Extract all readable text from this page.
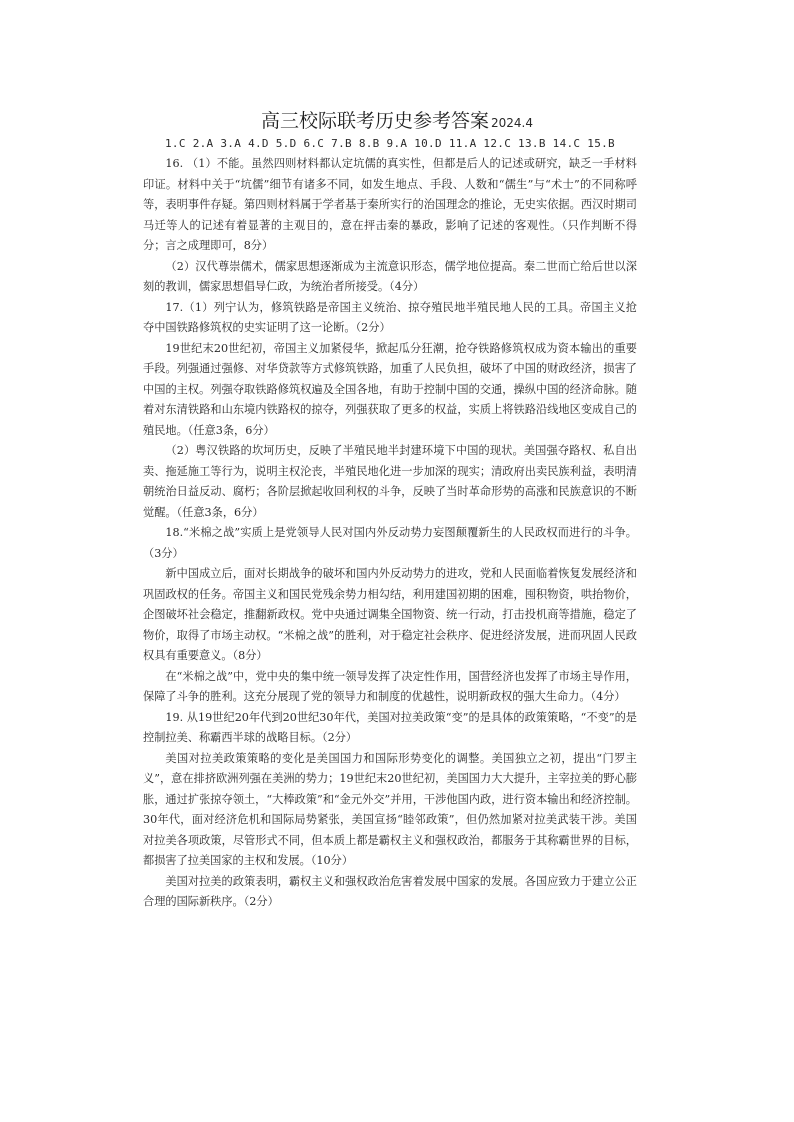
高三校际联考历史参考答案 2024.4
1.C 2.A 3.A 4.D 5.D 6.C 7.B 8.B 9.A 10.D 11.A 12.C 13.B 14.C 15.B

16. （1）不能。虽然四则材料都认定坑儒的真实性，但都是后人的记述或研究，缺乏一手材料印证。材料中关于“坑儒”细节有诸多不同，如发生地点、手段、人数和“儒生”与“术士”的不同称呼等，表明事件存疑。第四则材料属于学者基于秦所实行的治国理念的推论，无史实依据。西汉时期司马迁等人的记述有着显著的主观目的，意在抨击秦的暴政，影响了记述的客观性。（只作判断不得分；言之成理即可，8分）

（2）汉代尊崇儒术，儒家思想逐渐成为主流意识形态，儒学地位提高。秦二世而亡给后世以深刻的教训，儒家思想倡导仁政，为统治者所接受。（4分）

17.（1）列宁认为，修筑铁路是帝国主义统治、掠夺殖民地半殖民地人民的工具。帝国主义抢夺中国铁路修筑权的史实证明了这一论断。（2分）

19世纪末20世纪初，帝国主义加紧侵华，掀起瓜分狂潮，抢夺铁路修筑权成为资本输出的重要手段。列强通过强修、对华贷款等方式修筑铁路，加重了人民负担，破坏了中国的财政经济，损害了中国的主权。列强夺取铁路修筑权遍及全国各地，有助于控制中国的交通，操纵中国的经济命脉。随着对东清铁路和山东境内铁路权的掠夺，列强获取了更多的权益，实质上将铁路沿线地区变成自己的殖民地。（任意3条，6分）

（2）粤汉铁路的坎坷历史，反映了半殖民地半封建环境下中国的现状。美国强夺路权、私自出卖、拖延施工等行为，说明主权沦丧，半殖民地化进一步加深的现实；清政府出卖民族利益，表明清朝统治日益反动、腐朽；各阶层掀起收回利权的斗争，反映了当时革命形势的高涨和民族意识的不断觉醒。（任意3条，6分）

18.“米棉之战”实质上是党领导人民对国内外反动势力妄图颠覆新生的人民政权而进行的斗争。（3分）

新中国成立后，面对长期战争的破坏和国内外反动势力的进攻，党和人民面临着恢复发展经济和巩固政权的任务。帝国主义和国民党残余势力相勾结，利用建国初期的困难，囤积物资，哄抬物价，企图破坏社会稳定，推翻新政权。党中央通过调集全国物资、统一行动，打击投机商等措施，稳定了物价，取得了市场主动权。“米棉之战”的胜利，对于稳定社会秩序、促进经济发展，进而巩固人民政权具有重要意义。（8分）

在“米棉之战”中，党中央的集中统一领导发挥了决定性作用，国营经济也发挥了市场主导作用，保障了斗争的胜利。这充分展现了党的领导力和制度的优越性，说明新政权的强大生命力。（4分）

19. 从19世纪20年代到20世纪30年代，美国对拉美政策“变”的是具体的政策策略，“不变”的是控制拉美、称霸西半球的战略目标。（2分）

美国对拉美政策策略的变化是美国国力和国际形势变化的调整。美国独立之初，提出“门罗主义”，意在排挤欧洲列强在美洲的势力；19世纪末20世纪初，美国国力大大提升，主宰拉美的野心膨胀，通过扩张掠夺领土，“大棒政策”和“金元外交”并用，干涉他国内政，进行资本输出和经济控制。30年代，面对经济危机和国际局势紧张，美国宣扬“睦邻政策”，但仍然加紧对拉美武装干涉。美国对拉美各项政策，尽管形式不同，但本质上都是霸权主义和强权政治，都服务于其称霸世界的目标，都损害了拉美国家的主权和发展。（10分）

美国对拉美的政策表明，霸权主义和强权政治危害着发展中国家的发展。各国应致力于建立公正合理的国际新秩序。（2分）
